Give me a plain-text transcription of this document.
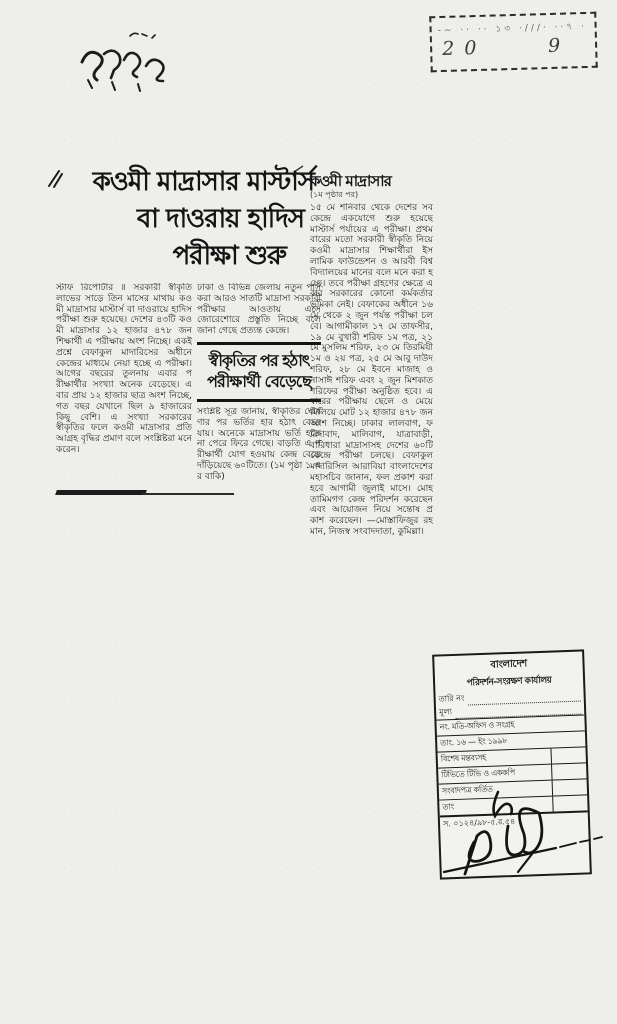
-~ ·· ·· ১৩ ·///· ··৭ ·
2 0	9
কওমী মাদ্রাসার মাস্টার্স
বা দাওরায় হাদিস
পরীক্ষা শুরু
স্টাফ রিপোর্টার ॥ সরকারী স্বীকৃতি লাভের সাড়ে তিন মাসের মাথায় কওমী মাদ্রাসার মাস্টার্স বা দাওরায়ে হাদিস পরীক্ষা শুরু হয়েছে। দেশের ৪৩টি কওমী মাদ্রাসার ১২ হাজার ৪৭৮ জন শিক্ষার্থী এ পরীক্ষায় অংশ নিচ্ছে। একই প্রশ্নে বেফাকুল মাদারিসের অধীনে কেন্দ্রের মাধ্যমে নেয়া হচ্ছে এ পরীক্ষা। আগের বছরের তুলনায় এবার পরীক্ষার্থীর সংখ্যা অনেক বেড়েছে। এবার প্রায় ১২ হাজার ছাত্র অংশ নিচ্ছে, গত বছর যেখানে ছিল ৯ হাজারের কিছু বেশি। এ সংখ্যা সরকারের স্বীকৃতির ফলে কওমী মাদ্রাসার প্রতি আগ্রহ বৃদ্ধির প্রমাণ বলে সংশ্লিষ্টরা মনে করেন।
ঢাকা ও বিভিন্ন জেলায় নতুন পাস করা আরও সাতটি মাদ্রাসা সরকারী পরীক্ষার আওতায় এসে জোরেশোরে প্রস্তুতি নিচ্ছে বলে জানা গেছে প্রত্যন্ত কেন্দ্রে।
স্বীকৃতির পর হঠাৎ
পরীক্ষার্থী বেড়েছে
সংশ্লিষ্ট সূত্র জানায়, স্বীকৃতির ঘোষণার পর ভর্তির হার হঠাৎ বেড়ে যায়। অনেকে মাদ্রাসায় ভর্তি হতে না পেরে ফিরে গেছে। বাড়তি এ পরীক্ষার্থী যোগ হওয়ায় কেন্দ্র বেড়ে দাঁড়িয়েছে ৬০টিতে। (১ম পৃষ্ঠা ১ এর বাকি)
কওমী মাদ্রাসার
(১ম পৃষ্ঠার পর)
১৫ মে শনিবার থেকে দেশের সব কেন্দ্রে একযোগে শুরু হয়েছে মাস্টার্স পর্যায়ের এ পরীক্ষা। প্রথমবারের মতো সরকারী স্বীকৃতি নিয়ে কওমী মাদ্রাসার শিক্ষার্থীরা ইসলামিক ফাউন্ডেশন ও আরবী বিশ্ববিদ্যালয়ের মানের বলে মনে করা হচ্ছে। তবে পরীক্ষা গ্রহণের ক্ষেত্রে এবার সরকারের কোনো কর্মকর্তার ভূমিকা নেই। বেফাকের অধীনে ১৬ মে থেকে ২ জুন পর্যন্ত পরীক্ষা চলবে। আগামীকাল ১৭ মে তাফসীর, ১৯ মে বুখারী শরিফ ১ম পত্র, ২১ মে মুসলিম শরিফ, ২৩ মে তিরমিযী ১ম ও ২য় পত্র, ২৫ মে আবু দাউদ শরিফ, ২৮ মে ইবনে মাজাহ ও নাসাঈ শরিফ এবং ২ জুন মিশকাত শরিফের পরীক্ষা অনুষ্ঠিত হবে। এবারের পরীক্ষায় ছেলে ও মেয়ে মিলিয়ে মোট ১২ হাজার ৪৭৮ জন অংশ নিচ্ছে। ঢাকার লালবাগ, ফরিদাবাদ, মালিবাগ, যাত্রাবাড়ী, বারিধারা মাদ্রাসাসহ দেশের ৬০টি কেন্দ্রে পরীক্ষা চলছে। বেফাকুল মাদারিসিল আরাবিয়া বাংলাদেশের মহাসচিব জানান, ফল প্রকাশ করা হবে আগামী জুলাই মাসে। মোহতামিমগণ কেন্দ্র পরিদর্শন করেছেন এবং আয়োজন নিয়ে সন্তোষ প্রকাশ করেছেন। —মোস্তাফিজুর রহমান, নিজস্ব সংবাদদাতা, কুমিল্লা।
বাংলাদেশ
পরিদর্শন-সংরক্ষণ কার্যালয়
তারি নং
মূল্য
নং. মতি-অফিস ও সংগ্রহ
তাং. ১৬ — ইং ১৯৯৮
বিশেষ মন্তব্যসহ
টিভিতে টিভি ও এককপি
সংবাদপত্র কর্তিত
তাং
স. ০১২৪/৯৮-৫.র.৫৪
